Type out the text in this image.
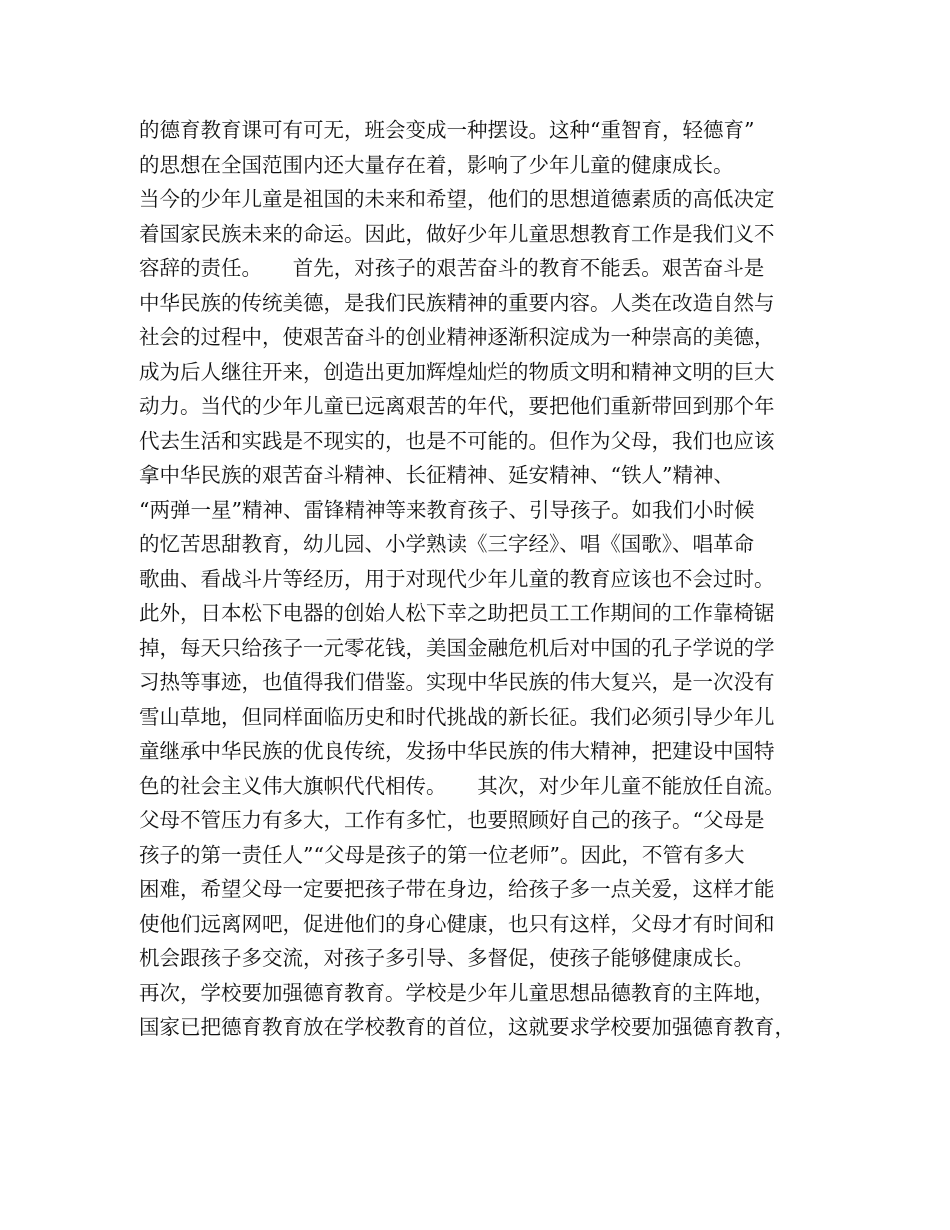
的德育教育课可有可无，班会变成一种摆设。这种“重智育，轻德育”
的思想在全国范围内还大量存在着，影响了少年儿童的健康成长。
当今的少年儿童是祖国的未来和希望，他们的思想道德素质的高低决定
着国家民族未来的命运。因此，做好少年儿童思想教育工作是我们义不
容辞的责任。　　首先，对孩子的艰苦奋斗的教育不能丢。艰苦奋斗是
中华民族的传统美德，是我们民族精神的重要内容。人类在改造自然与
社会的过程中，使艰苦奋斗的创业精神逐渐积淀成为一种崇高的美德，
成为后人继往开来，创造出更加辉煌灿烂的物质文明和精神文明的巨大
动力。当代的少年儿童已远离艰苦的年代，要把他们重新带回到那个年
代去生活和实践是不现实的，也是不可能的。但作为父母，我们也应该
拿中华民族的艰苦奋斗精神、长征精神、延安精神、“铁人”精神、
“两弹一星”精神、雷锋精神等来教育孩子、引导孩子。如我们小时候
的忆苦思甜教育，幼儿园、小学熟读《三字经》、唱《国歌》、唱革命
歌曲、看战斗片等经历，用于对现代少年儿童的教育应该也不会过时。
此外，日本松下电器的创始人松下幸之助把员工工作期间的工作靠椅锯
掉，每天只给孩子一元零花钱，美国金融危机后对中国的孔子学说的学
习热等事迹，也值得我们借鉴。实现中华民族的伟大复兴，是一次没有
雪山草地，但同样面临历史和时代挑战的新长征。我们必须引导少年儿
童继承中华民族的优良传统，发扬中华民族的伟大精神，把建设中国特
色的社会主义伟大旗帜代代相传。　　其次，对少年儿童不能放任自流。
父母不管压力有多大，工作有多忙，也要照顾好自己的孩子。“父母是
孩子的第一责任人”“父母是孩子的第一位老师”。因此，不管有多大
困难，希望父母一定要把孩子带在身边，给孩子多一点关爱，这样才能
使他们远离网吧，促进他们的身心健康，也只有这样，父母才有时间和
机会跟孩子多交流，对孩子多引导、多督促，使孩子能够健康成长。
再次，学校要加强德育教育。学校是少年儿童思想品德教育的主阵地，
国家已把德育教育放在学校教育的首位，这就要求学校要加强德育教育，
